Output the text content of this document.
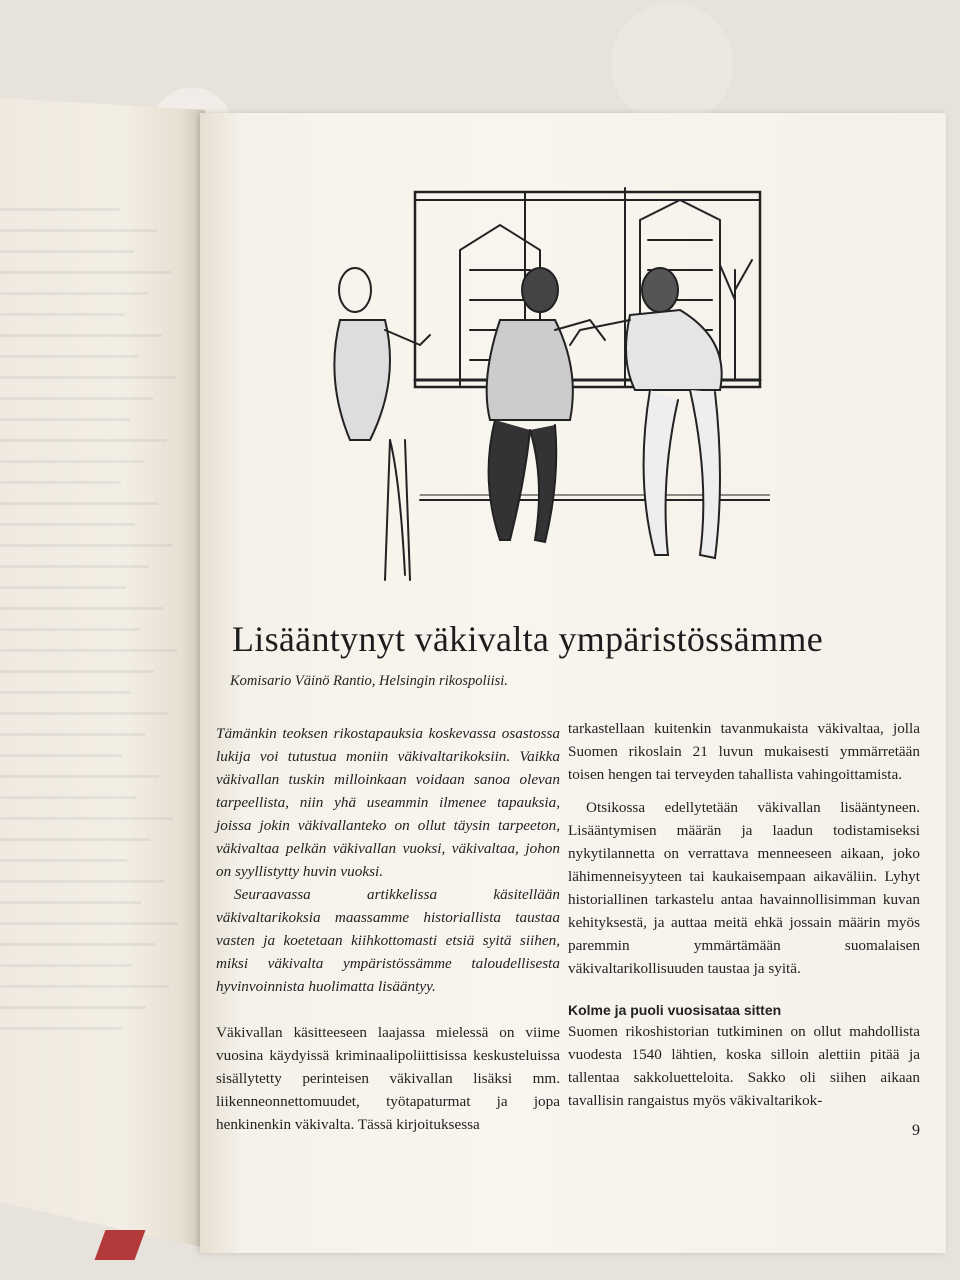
Lisääntynyt väkivalta ympäristössämme
Komisario Väinö Rantio, Helsingin rikospoliisi.

Tämänkin teoksen rikostapauksia koskevassa osastossa lukija voi tutustua moniin väkivaltarikoksiin. Vaikka väkivallan tuskin milloinkaan voidaan sanoa olevan tarpeellista, niin yhä useammin ilmenee tapauksia, joissa jokin väkivallanteko on ollut täysin tarpeeton, väkivaltaa pelkän väkivallan vuoksi, väkivaltaa, johon on syyllistytty huvin vuoksi.

Seuraavassa artikkelissa käsitellään väkivaltarikoksia maassamme historiallista taustaa vasten ja koetetaan kiihkottomasti etsiä syitä siihen, miksi väkivalta ympäristössämme taloudellisesta hyvinvoinnista huolimatta lisääntyy.

Väkivallan käsitteeseen laajassa mielessä on viime vuosina käydyissä kriminaalipoliittisissa keskusteluissa sisällytetty perinteisen väkivallan lisäksi mm. liikenneonnettomuudet, työtapaturmat ja jopa henkinenkin väkivalta. Tässä kirjoituksessa

tarkastellaan kuitenkin tavanmukaista väkivaltaa, jolla Suomen rikoslain 21 luvun mukaisesti ymmärretään toisen hengen tai terveyden tahallista vahingoittamista.

Otsikossa edellytetään väkivallan lisääntyneen. Lisääntymisen määrän ja laadun todistamiseksi nykytilannetta on verrattava menneeseen aikaan, joko lähimenneisyyteen tai kaukaisempaan aikaväliin. Lyhyt historiallinen tarkastelu antaa havainnollisimman kuvan kehityksestä, ja auttaa meitä ehkä jossain määrin myös paremmin ymmärtämään suomalaisen väkivaltarikollisuuden taustaa ja syitä.

Kolme ja puoli vuosisataa sitten

Suomen rikoshistorian tutkiminen on ollut mahdollista vuodesta 1540 lähtien, koska silloin alettiin pitää ja tallentaa sakkoluetteloita. Sakko oli siihen aikaan tavallisin rangaistus myös väkivaltarikok-

9
